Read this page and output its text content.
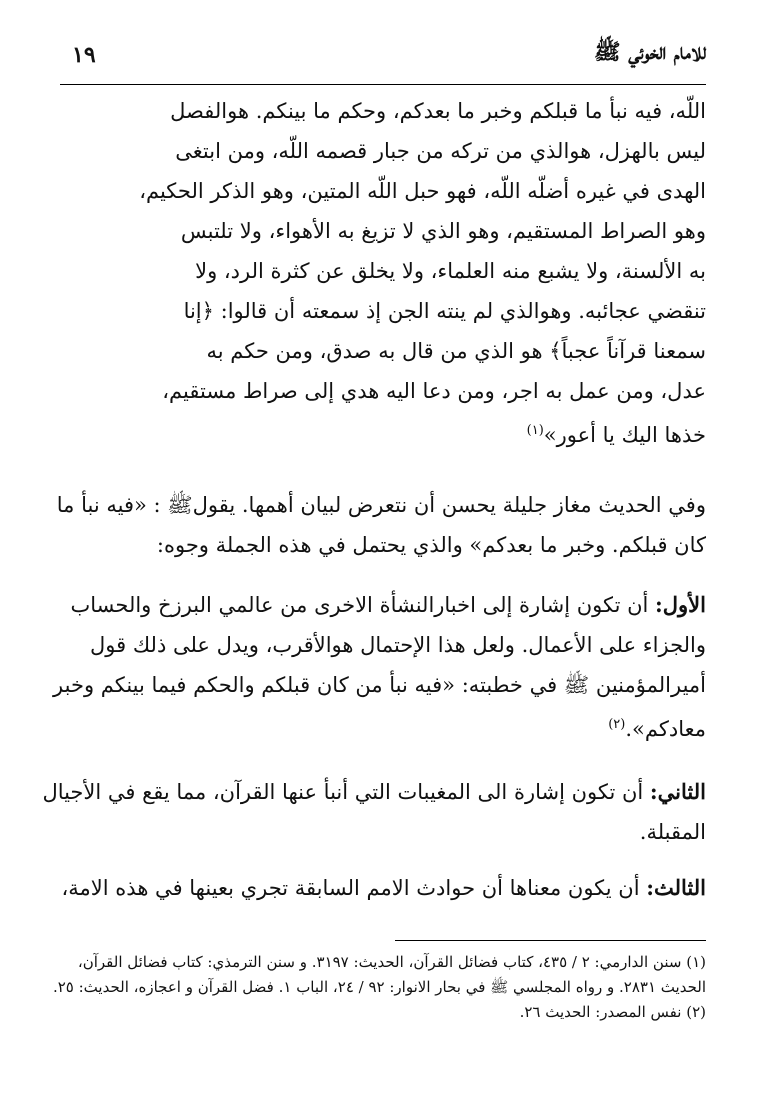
للامام الخوئي ﷺ
١٩
اللّه، فيه نبأ ما قبلكم وخبر ما بعدكم، وحكم ما بينكم. هوالفصل
ليس بالهزل، هوالذي من تركه من جبار قصمه اللّه، ومن ابتغى
الهدى في غيره أضلّه اللّه، فهو حبل اللّه المتين، وهو الذكر الحكيم،
وهو الصراط المستقيم، وهو الذي لا تزيغ به الأهواء، ولا تلتبس
به الألسنة، ولا يشبع منه العلماء، ولا يخلق عن كثرة الرد، ولا
تنقضي عجائبه. وهوالذي لم ينته الجن إذ سمعته أن قالوا: ﴿إنا
سمعنا قرآناً عجباً﴾ هو الذي من قال به صدق، ومن حكم به
عدل، ومن عمل به اجر، ومن دعا اليه هدي إلى صراط مستقيم،
خذها اليك يا أعور»$^{(١)}$
وفي الحديث مغاز جليلة يحسن أن نتعرض لبيان أهمها. يقولﷺ : «فيه نبأ ما
كان قبلكم. وخبر ما بعدكم» والذي يحتمل في هذه الجملة وجوه:
الأول: أن تكون إشارة إلى اخبارالنشأة الاخرى من عالمي البرزخ والحساب
والجزاء على الأعمال. ولعل هذا الإحتمال هوالأقرب، ويدل على ذلك قول
أميرالمؤمنين ﷺ في خطبته: «فيه نبأ من كان قبلكم والحكم فيما بينكم وخبر
معادكم».$^{(٢)}$
الثاني: أن تكون إشارة الى المغيبات التي أنبأ عنها القرآن، مما يقع في الأجيال
المقبلة.
الثالث: أن يكون معناها أن حوادث الامم السابقة تجري بعينها في هذه الامة،
(١) سنن الدارمي: ٢ / ٤٣٥، كتاب فضائل القرآن، الحديث: ٣١٩٧. و سنن الترمذي: كتاب فضائل القرآن،
الحديث ٢٨٣١. و رواه المجلسي ﷺ في بحار الانوار: ٩٢ / ٢٤، الباب ١. فضل القرآن و اعجازه، الحديث: ٢٥.
(٢) نفس المصدر: الحديث ٢٦.
